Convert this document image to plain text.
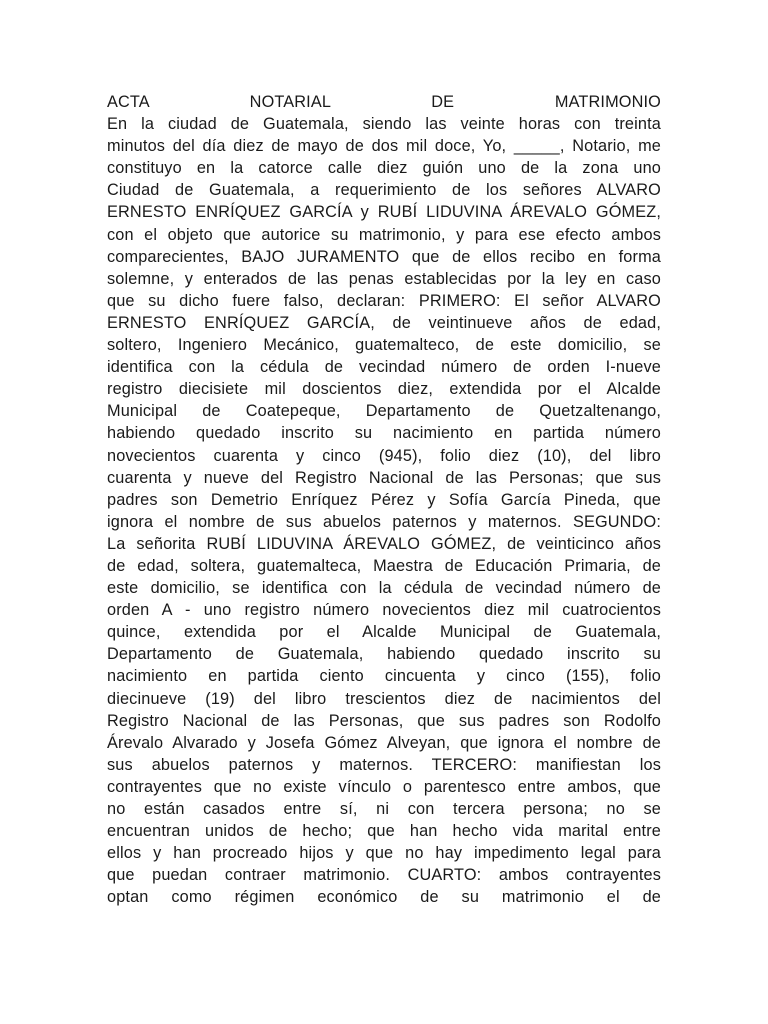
ACTA NOTARIAL DE MATRIMONIO
En la ciudad de Guatemala, siendo las veinte horas con treinta
minutos del día diez de mayo de dos mil doce, Yo, _____, Notario, me
constituyo en la catorce calle diez guión uno de la zona uno
Ciudad de Guatemala, a requerimiento de los señores ALVARO
ERNESTO ENRÍQUEZ GARCÍA y RUBÍ LIDUVINA ÁREVALO GÓMEZ,
con el objeto que autorice su matrimonio, y para ese efecto ambos
comparecientes, BAJO JURAMENTO que de ellos recibo en forma
solemne, y enterados de las penas establecidas por la ley en caso
que su dicho fuere falso, declaran: PRIMERO: El señor ALVARO
ERNESTO ENRÍQUEZ GARCÍA, de veintinueve años de edad,
soltero, Ingeniero Mecánico, guatemalteco, de este domicilio, se
identifica con la cédula de vecindad número de orden I-nueve
registro diecisiete mil doscientos diez, extendida por el Alcalde
Municipal de Coatepeque, Departamento de Quetzaltenango,
habiendo quedado inscrito su nacimiento en partida número
novecientos cuarenta y cinco (945), folio diez (10), del libro
cuarenta y nueve del Registro Nacional de las Personas; que sus
padres son Demetrio Enríquez Pérez y Sofía García Pineda, que
ignora el nombre de sus abuelos paternos y maternos. SEGUNDO:
La señorita RUBÍ LIDUVINA ÁREVALO GÓMEZ, de veinticinco años
de edad, soltera, guatemalteca, Maestra de Educación Primaria, de
este domicilio, se identifica con la cédula de vecindad número de
orden A - uno registro número novecientos diez mil cuatrocientos
quince, extendida por el Alcalde Municipal de Guatemala,
Departamento de Guatemala, habiendo quedado inscrito su
nacimiento en partida ciento cincuenta y cinco (155), folio
diecinueve (19) del libro trescientos diez de nacimientos del
Registro Nacional de las Personas, que sus padres son Rodolfo
Árevalo Alvarado y Josefa Gómez Alveyan, que ignora el nombre de
sus abuelos paternos y maternos. TERCERO: manifiestan los
contrayentes que no existe vínculo o parentesco entre ambos, que
no están casados entre sí, ni con tercera persona; no se
encuentran unidos de hecho; que han hecho vida marital entre
ellos y han procreado hijos y que no hay impedimento legal para
que puedan contraer matrimonio. CUARTO: ambos contrayentes
optan como régimen económico de su matrimonio el de
